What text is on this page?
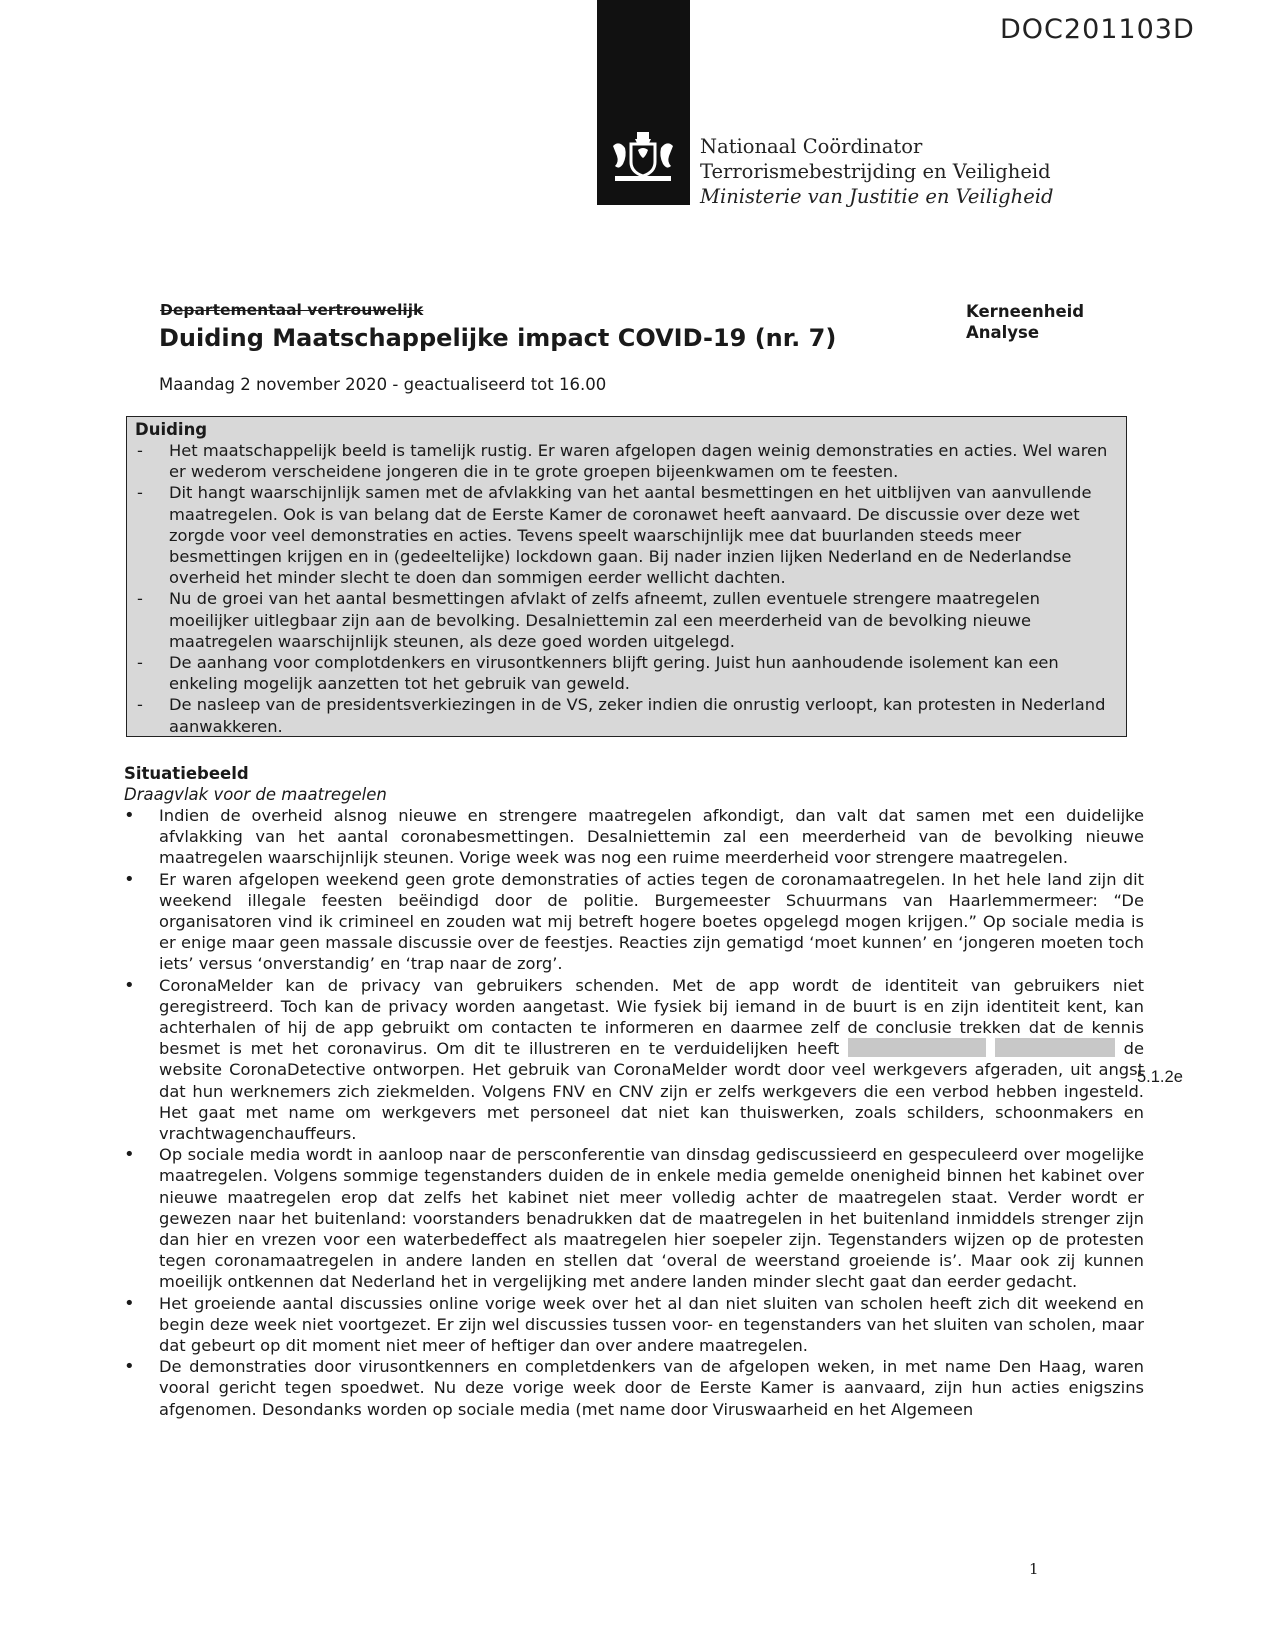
DOC201103D
Nationaal Coördinator
Terrorismebestrijding en Veiligheid
Ministerie van Justitie en Veiligheid
Departementaal vertrouwelijk
Duiding Maatschappelijke impact COVID-19 (nr. 7)
Kerneenheid
Analyse
Maandag 2 november 2020 - geactualiseerd tot 16.00
Duiding
- Het maatschappelijk beeld is tamelijk rustig. Er waren afgelopen dagen weinig demonstraties en acties. Wel waren er wederom verscheidene jongeren die in te grote groepen bijeenkwamen om te feesten.
- Dit hangt waarschijnlijk samen met de afvlakking van het aantal besmettingen en het uitblijven van aanvullende maatregelen. Ook is van belang dat de Eerste Kamer de coronawet heeft aanvaard. De discussie over deze wet zorgde voor veel demonstraties en acties. Tevens speelt waarschijnlijk mee dat buurlanden steeds meer besmettingen krijgen en in (gedeeltelijke) lockdown gaan. Bij nader inzien lijken Nederland en de Nederlandse overheid het minder slecht te doen dan sommigen eerder wellicht dachten.
- Nu de groei van het aantal besmettingen afvlakt of zelfs afneemt, zullen eventuele strengere maatregelen moeilijker uitlegbaar zijn aan de bevolking. Desalniettemin zal een meerderheid van de bevolking nieuwe maatregelen waarschijnlijk steunen, als deze goed worden uitgelegd.
- De aanhang voor complotdenkers en virusontkenners blijft gering. Juist hun aanhoudende isolement kan een enkeling mogelijk aanzetten tot het gebruik van geweld.
- De nasleep van de presidentsverkiezingen in de VS, zeker indien die onrustig verloopt, kan protesten in Nederland aanwakkeren.
Situatiebeeld
Draagvlak voor de maatregelen
• Indien de overheid alsnog nieuwe en strengere maatregelen afkondigt, dan valt dat samen met een duidelijke afvlakking van het aantal coronabesmettingen. Desalniettemin zal een meerderheid van de bevolking nieuwe maatregelen waarschijnlijk steunen. Vorige week was nog een ruime meerderheid voor strengere maatregelen.
• Er waren afgelopen weekend geen grote demonstraties of acties tegen de coronamaatregelen. In het hele land zijn dit weekend illegale feesten beëindigd door de politie. Burgemeester Schuurmans van Haarlemmermeer: “De organisatoren vind ik crimineel en zouden wat mij betreft hogere boetes opgelegd mogen krijgen.” Op sociale media is er enige maar geen massale discussie over de feestjes. Reacties zijn gematigd ‘moet kunnen’ en ‘jongeren moeten toch iets’ versus ‘onverstandig’ en ‘trap naar de zorg’.
• CoronaMelder kan de privacy van gebruikers schenden. Met de app wordt de identiteit van gebruikers niet geregistreerd. Toch kan de privacy worden aangetast. Wie fysiek bij iemand in de buurt is en zijn identiteit kent, kan achterhalen of hij de app gebruikt om contacten te informeren en daarmee zelf de conclusie trekken dat de kennis besmet is met het coronavirus. Om dit te illustreren en te verduidelijken heeft	de website CoronaDetective ontworpen. Het gebruik van CoronaMelder wordt door veel werkgevers afgeraden, uit angst dat hun werknemers zich ziekmelden. Volgens FNV en CNV zijn er zelfs werkgevers die een verbod hebben ingesteld. Het gaat met name om werkgevers met personeel dat niet kan thuiswerken, zoals schilders, schoonmakers en vrachtwagenchauffeurs.
• Op sociale media wordt in aanloop naar de persconferentie van dinsdag gediscussieerd en gespeculeerd over mogelijke maatregelen. Volgens sommige tegenstanders duiden de in enkele media gemelde onenigheid binnen het kabinet over nieuwe maatregelen erop dat zelfs het kabinet niet meer volledig achter de maatregelen staat. Verder wordt er gewezen naar het buitenland: voorstanders benadrukken dat de maatregelen in het buitenland inmiddels strenger zijn dan hier en vrezen voor een waterbedeffect als maatregelen hier soepeler zijn. Tegenstanders wijzen op de protesten tegen coronamaatregelen in andere landen en stellen dat ‘overal de weerstand groeiende is’. Maar ook zij kunnen moeilijk ontkennen dat Nederland het in vergelijking met andere landen minder slecht gaat dan eerder gedacht.
• Het groeiende aantal discussies online vorige week over het al dan niet sluiten van scholen heeft zich dit weekend en begin deze week niet voortgezet. Er zijn wel discussies tussen voor- en tegenstanders van het sluiten van scholen, maar dat gebeurt op dit moment niet meer of heftiger dan over andere maatregelen.
• De demonstraties door virusontkenners en completdenkers van de afgelopen weken, in met name Den Haag, waren vooral gericht tegen spoedwet. Nu deze vorige week door de Eerste Kamer is aanvaard, zijn hun acties enigszins afgenomen. Desondanks worden op sociale media (met name door Viruswaarheid en het Algemeen
5.1.2e
1
